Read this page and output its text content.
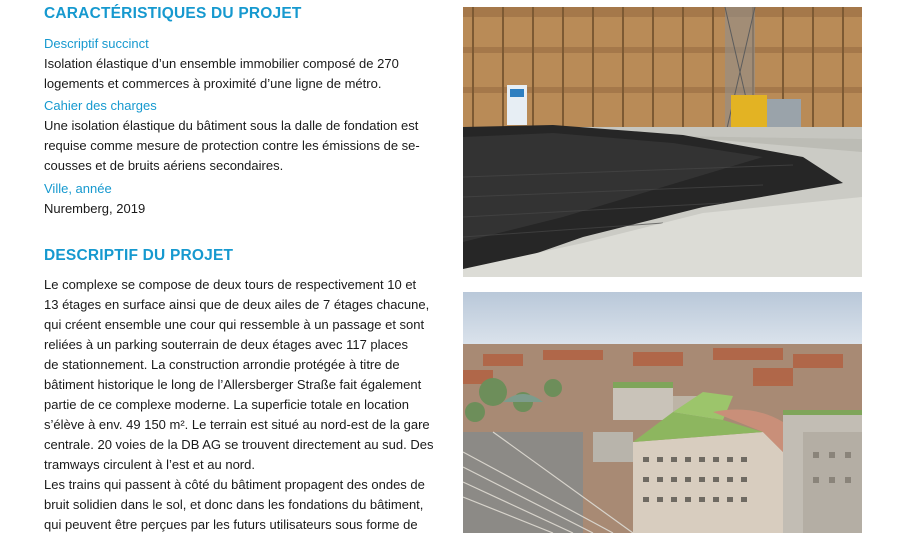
CARACTÉRISTIQUES DU PROJET

Descriptif succinct

Isolation élastique d’un ensemble immobilier composé de 270

logements et commerces à proximité d’une ligne de métro.

Cahier des charges

Une isolation élastique du bâtiment sous la dalle de fondation est

requise comme mesure de protection contre les émissions de se-

cousses et de bruits aériens secondaires.

Ville, année

Nuremberg, 2019

DESCRIPTIF DU PROJET

Le complexe se compose de deux tours de respectivement 10 et

13 étages en surface ainsi que de deux ailes de 7 étages chacune,

qui créent ensemble une cour qui ressemble à un passage et sont

reliées à un parking souterrain de deux étages avec 117 places

de stationnement. La construction arrondie protégée à titre de

bâtiment historique le long de l’Allersberger Straße fait également

partie de ce complexe moderne. La superficie totale en location

s’élève à env. 49 150 m². Le terrain est situé au nord-est de la gare

centrale. 20 voies de la DB AG se trouvent directement au sud. Des

tramways circulent à l’est et au nord.

Les trains qui passent à côté du bâtiment propagent des ondes de

bruit solidien dans le sol, et donc dans les fondations du bâtiment,

qui peuvent être perçues par les futurs utilisateurs sous forme de
